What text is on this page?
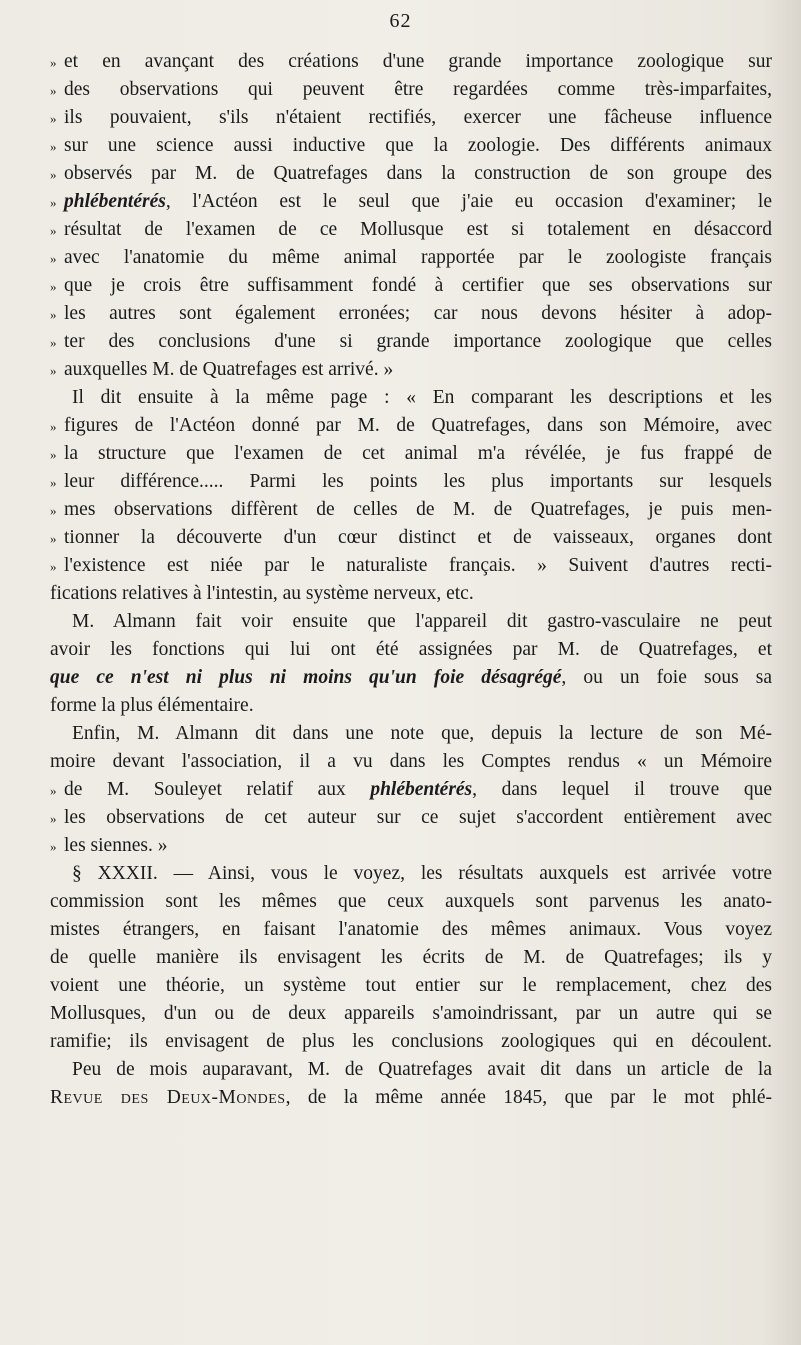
62
» et en avançant des créations d'une grande importance zoologique sur
» des observations qui peuvent être regardées comme très-imparfaites,
» ils pouvaient, s'ils n'étaient rectifiés, exercer une fâcheuse influence
» sur une science aussi inductive que la zoologie. Des différents animaux
» observés par M. de Quatrefages dans la construction de son groupe des
» phlébentérés, l'Actéon est le seul que j'aie eu occasion d'examiner; le
» résultat de l'examen de ce Mollusque est si totalement en désaccord
» avec l'anatomie du même animal rapportée par le zoologiste français
» que je crois être suffisamment fondé à certifier que ses observations sur
» les autres sont également erronées; car nous devons hésiter à adop-
» ter des conclusions d'une si grande importance zoologique que celles
» auxquelles M. de Quatrefages est arrivé. »
Il dit ensuite à la même page : « En comparant les descriptions et les
» figures de l'Actéon donné par M. de Quatrefages, dans son Mémoire, avec
» la structure que l'examen de cet animal m'a révélée, je fus frappé de
» leur différence..... Parmi les points les plus importants sur lesquels
» mes observations diffèrent de celles de M. de Quatrefages, je puis men-
» tionner la découverte d'un cœur distinct et de vaisseaux, organes dont
» l'existence est niée par le naturaliste français. » Suivent d'autres recti-
fications relatives à l'intestin, au système nerveux, etc.
M. Almann fait voir ensuite que l'appareil dit gastro-vasculaire ne peut
avoir les fonctions qui lui ont été assignées par M. de Quatrefages, et
que ce n'est ni plus ni moins qu'un foie désagrégé, ou un foie sous sa
forme la plus élémentaire.
Enfin, M. Almann dit dans une note que, depuis la lecture de son Mé-
moire devant l'association, il a vu dans les Comptes rendus « un Mémoire
» de M. Souleyet relatif aux phlébentérés, dans lequel il trouve que
» les observations de cet auteur sur ce sujet s'accordent entièrement avec
» les siennes. »
§ XXXII. — Ainsi, vous le voyez, les résultats auxquels est arrivée votre
commission sont les mêmes que ceux auxquels sont parvenus les anato-
mistes étrangers, en faisant l'anatomie des mêmes animaux. Vous voyez
de quelle manière ils envisagent les écrits de M. de Quatrefages; ils y
voient une théorie, un système tout entier sur le remplacement, chez des
Mollusques, d'un ou de deux appareils s'amoindrissant, par un autre qui se
ramifie; ils envisagent de plus les conclusions zoologiques qui en découlent.
Peu de mois auparavant, M. de Quatrefages avait dit dans un article de la
Revue des Deux-Mondes, de la même année 1845, que par le mot phlé-
